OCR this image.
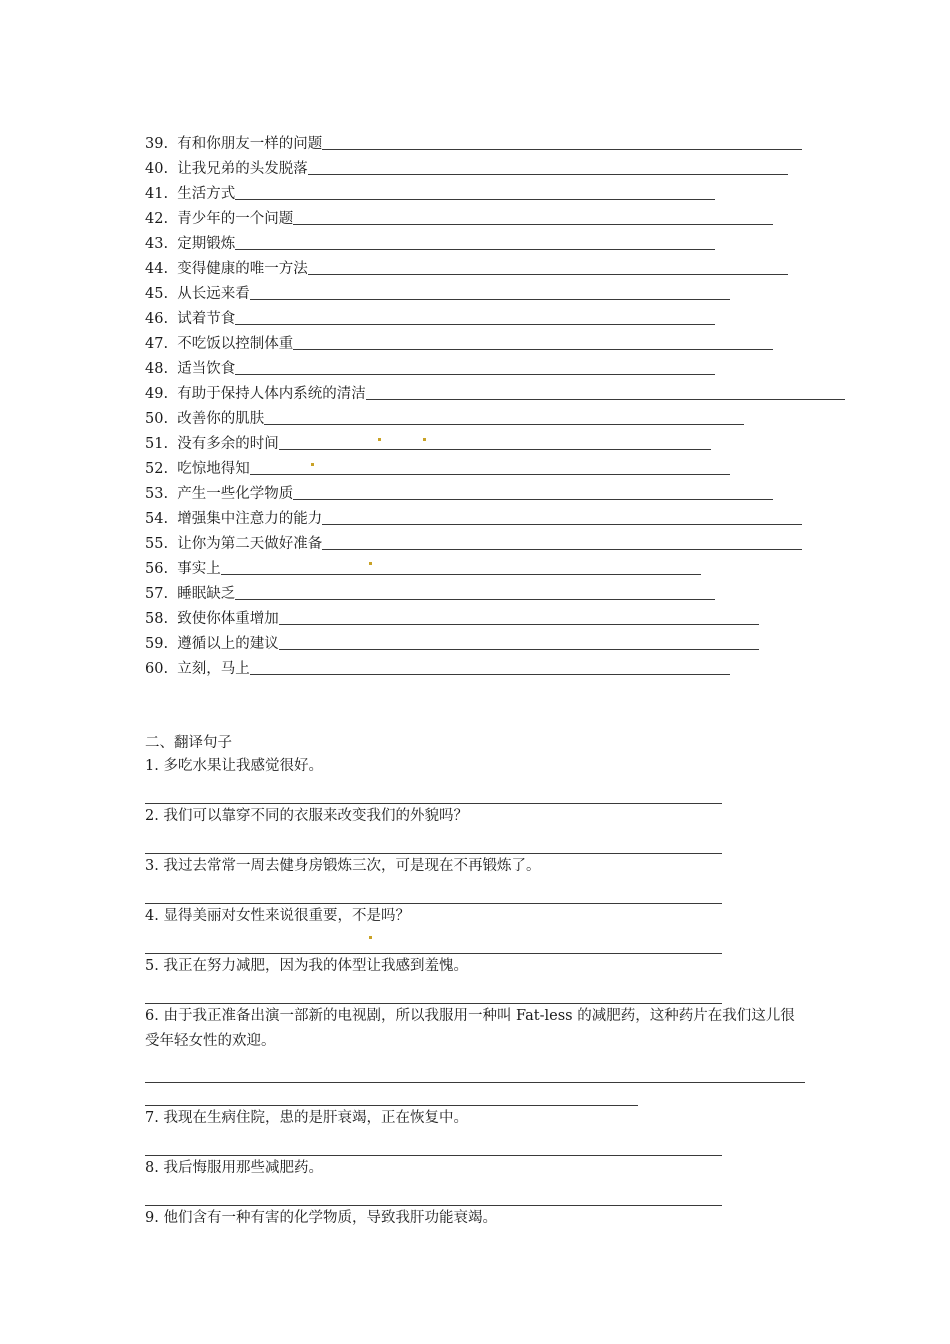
39.
有和你朋友一样的问题
40.
让我兄弟的头发脱落
41.
生活方式
42.
青少年的一个问题
43.
定期锻炼
44.
变得健康的唯一方法
45.
从长远来看
46.
试着节食
47.
不吃饭以控制体重
48.
适当饮食
49.
有助于保持人体内系统的清洁
50.
改善你的肌肤
51.
没有多余的时间
52.
吃惊地得知
53.
产生一些化学物质
54.
增强集中注意力的能力
55.
让你为第二天做好准备
56.
事实上
57.
睡眠缺乏
58.
致使你体重增加
59.
遵循以上的建议
60.
立刻，马上
二、翻译句子
1. 多吃水果让我感觉很好。
2. 我们可以靠穿不同的衣服来改变我们的外貌吗？
3. 我过去常常一周去健身房锻炼三次，可是现在不再锻炼了。
4. 显得美丽对女性来说很重要，不是吗？
5. 我正在努力减肥，因为我的体型让我感到羞愧。
6. 由于我正准备出演一部新的电视剧，所以我服用一种叫 Fat-less 的减肥药，这种药片在我们这儿很受年轻女性的欢迎。
7. 我现在生病住院，患的是肝衰竭，正在恢复中。
8. 我后悔服用那些减肥药。
9. 他们含有一种有害的化学物质，导致我肝功能衰竭。
